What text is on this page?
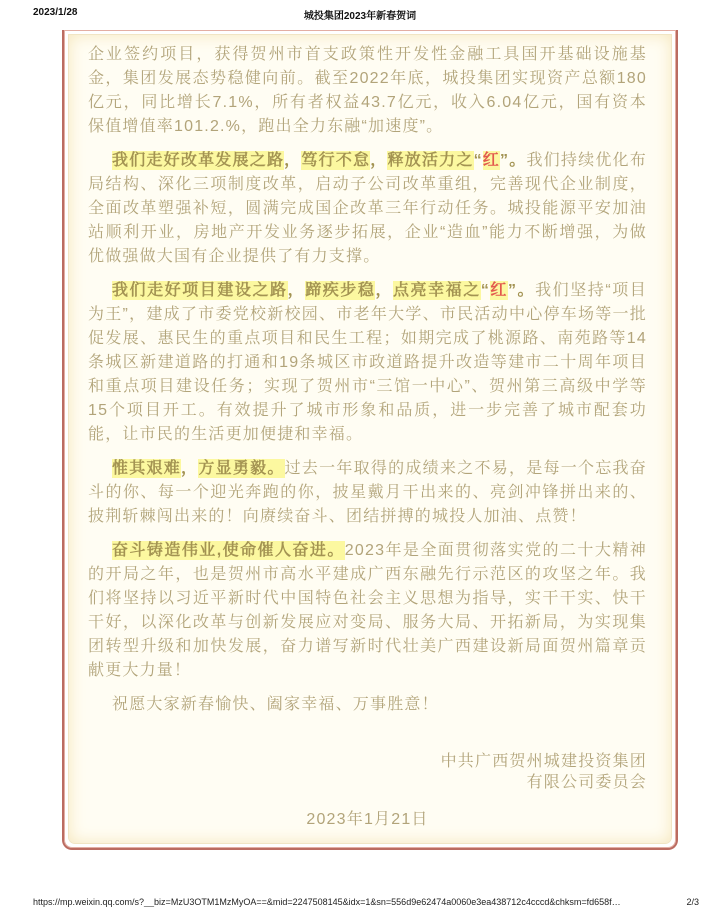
2023/1/28	城投集团2023年新春贺词

企业签约项目，获得贺州市首支政策性开发性金融工具国开基础设施基金，集团发展态势稳健向前。截至2022年底，城投集团实现资产总额180亿元，同比增长7.1%，所有者权益43.7亿元，收入6.04亿元，国有资本保值增值率101.2.%，跑出全力东融“加速度”。

我们走好改革发展之路，笃行不怠，释放活力之“红”。我们持续优化布局结构、深化三项制度改革，启动子公司改革重组，完善现代企业制度，全面改革塑强补短，圆满完成国企改革三年行动任务。城投能源平安加油站顺利开业，房地产开发业务逐步拓展，企业“造血”能力不断增强，为做优做强做大国有企业提供了有力支撑。

我们走好项目建设之路，蹄疾步稳，点亮幸福之“红”。我们坚持“项目为王”，建成了市委党校新校园、市老年大学、市民活动中心停车场等一批促发展、惠民生的重点项目和民生工程；如期完成了桃源路、南苑路等14条城区新建道路的打通和19条城区市政道路提升改造等建市二十周年项目和重点项目建设任务；实现了贺州市“三馆一中心”、贺州第三高级中学等15个项目开工。有效提升了城市形象和品质，进一步完善了城市配套功能，让市民的生活更加便捷和幸福。

惟其艰难，方显勇毅。过去一年取得的成绩来之不易，是每一个忘我奋斗的你、每一个迎光奔跑的你，披星戴月干出来的、亮剑冲锋拼出来的、披荆斩棘闯出来的！向赓续奋斗、团结拼搏的城投人加油、点赞！

奋斗铸造伟业,使命催人奋进。2023年是全面贯彻落实党的二十大精神的开局之年，也是贺州市高水平建成广西东融先行示范区的攻坚之年。我们将坚持以习近平新时代中国特色社会主义思想为指导，实干干实、快干干好，以深化改革与创新发展应对变局、服务大局、开拓新局，为实现集团转型升级和加快发展，奋力谱写新时代壮美广西建设新局面贺州篇章贡献更大力量！

祝愿大家新春愉快、阖家幸福、万事胜意！

中共广西贺州城建投资集团
有限公司委员会
2023年1月21日
https://mp.weixin.qq.com/s?__biz=MzU3OTM1MzMyOA==&mid=2247508145&idx=1&sn=556d9e62474a0060e3ea438712c4cccd&chksm=fd658f…	2/3
